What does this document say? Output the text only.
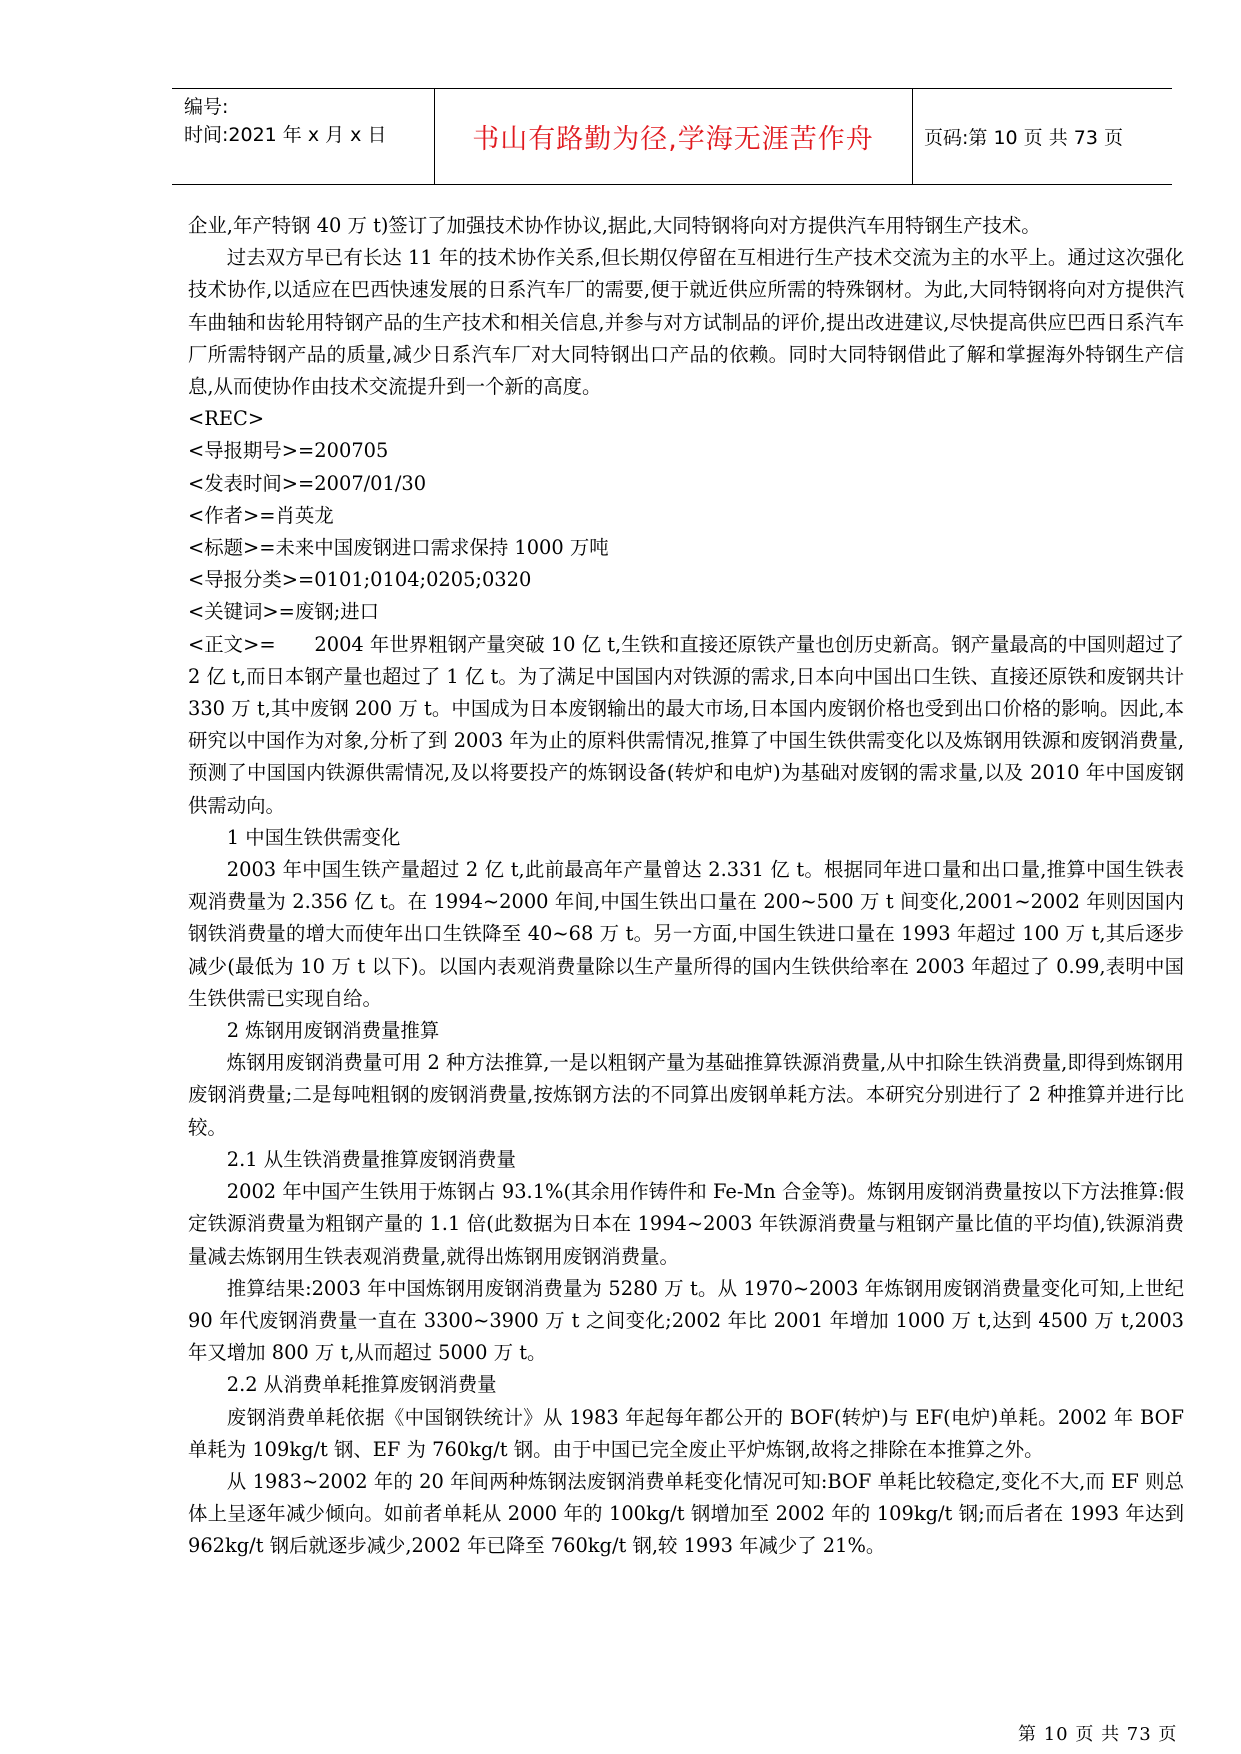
编号:
时间:2021 年 x 月 x 日	书山有路勤为径,学海无涯苦作舟	页码:第 10 页 共 73 页

企业,年产特钢 40 万 t)签订了加强技术协作协议,据此,大同特钢将向对方提供汽车用特钢生产技术。

过去双方早已有长达 11 年的技术协作关系,但长期仅停留在互相进行生产技术交流为主的水平上。通过这次强化技术协作,以适应在巴西快速发展的日系汽车厂的需要,便于就近供应所需的特殊钢材。为此,大同特钢将向对方提供汽车曲轴和齿轮用特钢产品的生产技术和相关信息,并参与对方试制品的评价,提出改进建议,尽快提高供应巴西日系汽车厂所需特钢产品的质量,减少日系汽车厂对大同特钢出口产品的依赖。同时大同特钢借此了解和掌握海外特钢生产信息,从而使协作由技术交流提升到一个新的高度。

<REC>

<导报期号>=200705

<发表时间>=2007/01/30

<作者>=肖英龙

<标题>=未来中国废钢进口需求保持 1000 万吨

<导报分类>=0101;0104;0205;0320

<关键词>=废钢;进口

<正文>=　　2004 年世界粗钢产量突破 10 亿 t,生铁和直接还原铁产量也创历史新高。钢产量最高的中国则超过了 2 亿 t,而日本钢产量也超过了 1 亿 t。为了满足中国国内对铁源的需求,日本向中国出口生铁、直接还原铁和废钢共计 330 万 t,其中废钢 200 万 t。中国成为日本废钢输出的最大市场,日本国内废钢价格也受到出口价格的影响。因此,本研究以中国作为对象,分析了到 2003 年为止的原料供需情况,推算了中国生铁供需变化以及炼钢用铁源和废钢消费量,预测了中国国内铁源供需情况,及以将要投产的炼钢设备(转炉和电炉)为基础对废钢的需求量,以及 2010 年中国废钢供需动向。

1 中国生铁供需变化

2003 年中国生铁产量超过 2 亿 t,此前最高年产量曾达 2.331 亿 t。根据同年进口量和出口量,推算中国生铁表观消费量为 2.356 亿 t。在 1994~2000 年间,中国生铁出口量在 200~500 万 t 间变化,2001~2002 年则因国内钢铁消费量的增大而使年出口生铁降至 40~68 万 t。另一方面,中国生铁进口量在 1993 年超过 100 万 t,其后逐步减少(最低为 10 万 t 以下)。以国内表观消费量除以生产量所得的国内生铁供给率在 2003 年超过了 0.99,表明中国生铁供需已实现自给。

2 炼钢用废钢消费量推算

炼钢用废钢消费量可用 2 种方法推算,一是以粗钢产量为基础推算铁源消费量,从中扣除生铁消费量,即得到炼钢用废钢消费量;二是每吨粗钢的废钢消费量,按炼钢方法的不同算出废钢单耗方法。本研究分别进行了 2 种推算并进行比较。

2.1 从生铁消费量推算废钢消费量

2002 年中国产生铁用于炼钢占 93.1%(其余用作铸件和 Fe-Mn 合金等)。炼钢用废钢消费量按以下方法推算:假定铁源消费量为粗钢产量的 1.1 倍(此数据为日本在 1994~2003 年铁源消费量与粗钢产量比值的平均值),铁源消费量减去炼钢用生铁表观消费量,就得出炼钢用废钢消费量。

推算结果:2003 年中国炼钢用废钢消费量为 5280 万 t。从 1970~2003 年炼钢用废钢消费量变化可知,上世纪 90 年代废钢消费量一直在 3300~3900 万 t 之间变化;2002 年比 2001 年增加 1000 万 t,达到 4500 万 t,2003 年又增加 800 万 t,从而超过 5000 万 t。

2.2 从消费单耗推算废钢消费量

废钢消费单耗依据《中国钢铁统计》从 1983 年起每年都公开的 BOF(转炉)与 EF(电炉)单耗。2002 年 BOF 单耗为 109kg/t 钢、EF 为 760kg/t 钢。由于中国已完全废止平炉炼钢,故将之排除在本推算之外。

从 1983~2002 年的 20 年间两种炼钢法废钢消费单耗变化情况可知:BOF 单耗比较稳定,变化不大,而 EF 则总体上呈逐年减少倾向。如前者单耗从 2000 年的 100kg/t 钢增加至 2002 年的 109kg/t 钢;而后者在 1993 年达到 962kg/t 钢后就逐步减少,2002 年已降至 760kg/t 钢,较 1993 年减少了 21%。

第 10 页 共 73 页
